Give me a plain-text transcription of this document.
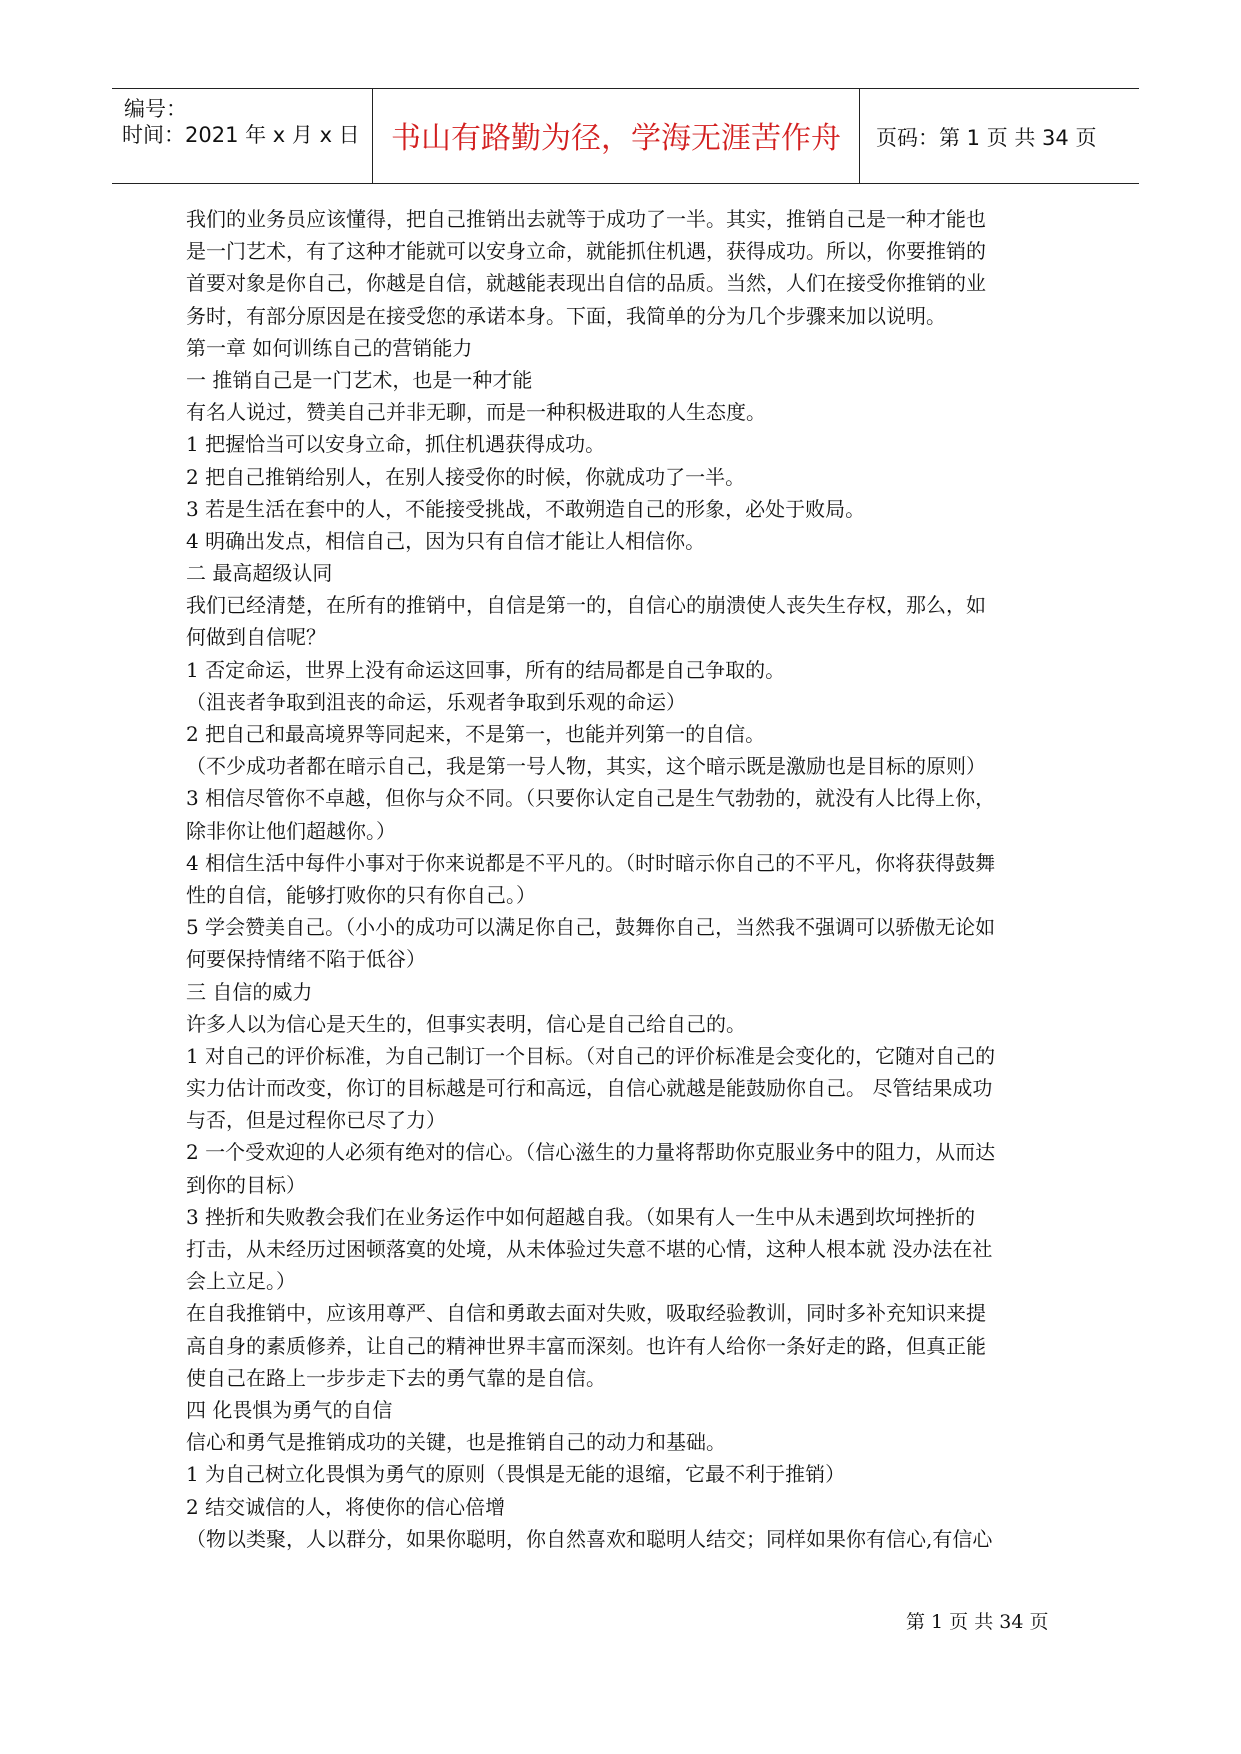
编号：
时间：2021 年 x 月 x 日	书山有路勤为径，学海无涯苦作舟	页码：第 1 页 共 34 页
我们的业务员应该懂得，把自己推销出去就等于成功了一半。其实，推销自己是一种才能也
是一门艺术，有了这种才能就可以安身立命，就能抓住机遇，获得成功。所以，你要推销的
首要对象是你自己，你越是自信，就越能表现出自信的品质。当然，人们在接受你推销的业
务时，有部分原因是在接受您的承诺本身。下面，我简单的分为几个步骤来加以说明。
第一章 如何训练自己的营销能力
一 推销自己是一门艺术，也是一种才能
有名人说过，赞美自己并非无聊，而是一种积极进取的人生态度。
1 把握恰当可以安身立命，抓住机遇获得成功。
2 把自己推销给别人，在别人接受你的时候，你就成功了一半。
3 若是生活在套中的人，不能接受挑战，不敢朔造自己的形象，必处于败局。
4 明确出发点，相信自己，因为只有自信才能让人相信你。
二 最高超级认同
我们已经清楚，在所有的推销中，自信是第一的，自信心的崩溃使人丧失生存权，那么，如
何做到自信呢？
1 否定命运，世界上没有命运这回事，所有的结局都是自己争取的。
（沮丧者争取到沮丧的命运，乐观者争取到乐观的命运）
2 把自己和最高境界等同起来，不是第一，也能并列第一的自信。
（不少成功者都在暗示自己，我是第一号人物，其实，这个暗示既是激励也是目标的原则）
3 相信尽管你不卓越，但你与众不同。（只要你认定自己是生气勃勃的，就没有人比得上你，
除非你让他们超越你。）
4 相信生活中每件小事对于你来说都是不平凡的。（时时暗示你自己的不平凡，你将获得鼓舞
性的自信，能够打败你的只有你自己。）
5 学会赞美自己。（小小的成功可以满足你自己，鼓舞你自己，当然我不强调可以骄傲无论如
何要保持情绪不陷于低谷）
三 自信的威力
许多人以为信心是天生的，但事实表明，信心是自己给自己的。
1 对自己的评价标准，为自己制订一个目标。（对自己的评价标准是会变化的，它随对自己的
实力估计而改变，你订的目标越是可行和高远，自信心就越是能鼓励你自己。 尽管结果成功
与否，但是过程你已尽了力）
2 一个受欢迎的人必须有绝对的信心。（信心滋生的力量将帮助你克服业务中的阻力，从而达
到你的目标）
3 挫折和失败教会我们在业务运作中如何超越自我。（如果有人一生中从未遇到坎坷挫折的
打击，从未经历过困顿落寞的处境，从未体验过失意不堪的心情，这种人根本就 没办法在社
会上立足。）
在自我推销中，应该用尊严、自信和勇敢去面对失败，吸取经验教训，同时多补充知识来提
高自身的素质修养，让自己的精神世界丰富而深刻。也许有人给你一条好走的路，但真正能
使自己在路上一步步走下去的勇气靠的是自信。
四 化畏惧为勇气的自信
信心和勇气是推销成功的关键，也是推销自己的动力和基础。
1 为自己树立化畏惧为勇气的原则（畏惧是无能的退缩，它最不利于推销）
2 结交诚信的人，将使你的信心倍增
（物以类聚，人以群分，如果你聪明，你自然喜欢和聪明人结交；同样如果你有信心,有信心
第 1 页 共 34 页
